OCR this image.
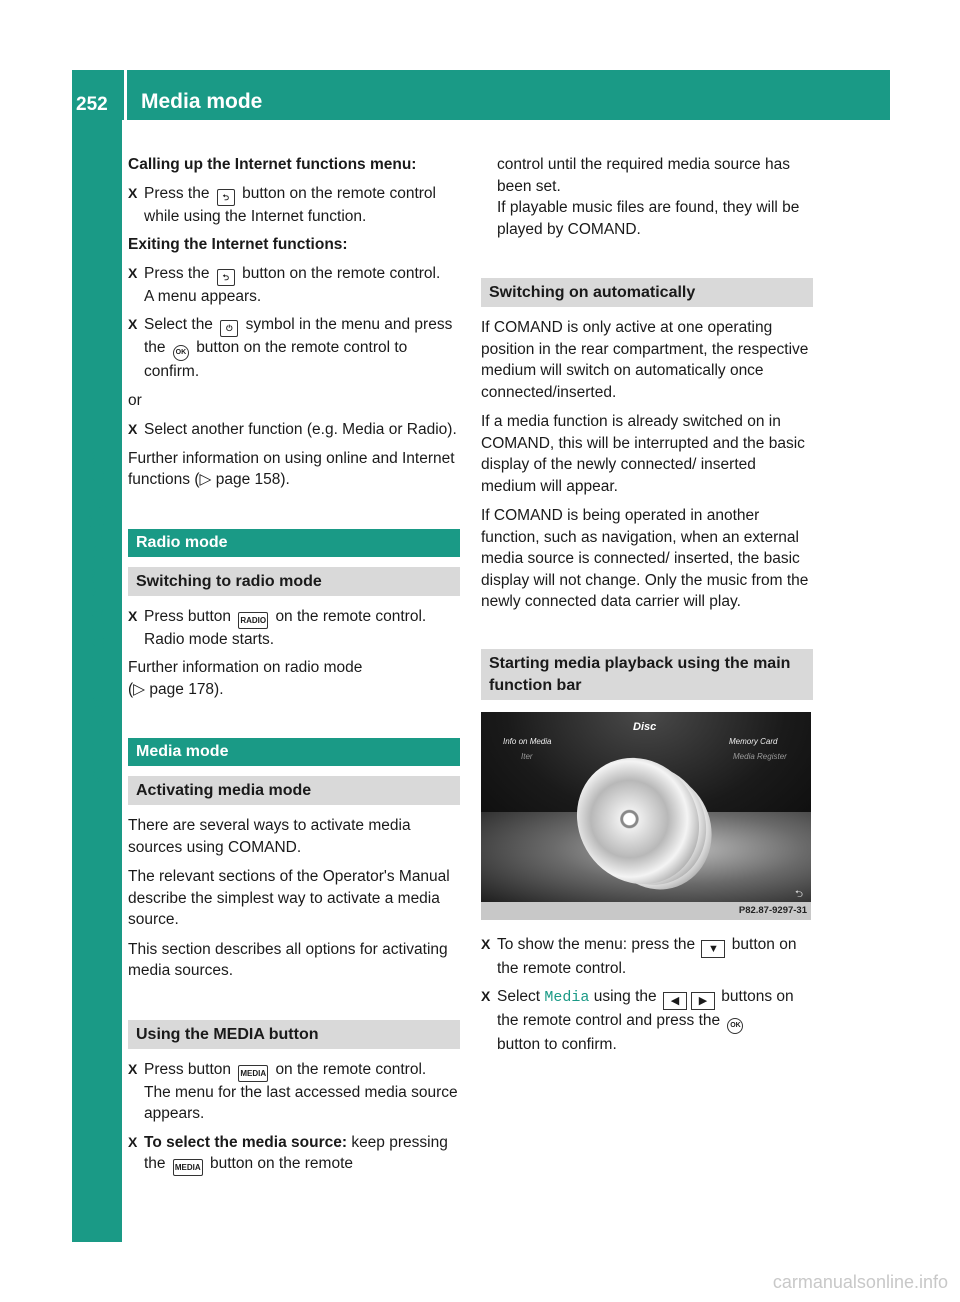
252 Media mode
Rear Seat Entertainment System

Calling up the Internet functions menu:

X Press the ⮌ button on the remote control while using the Internet function.

Exiting the Internet functions:

X Press the ⮌ button on the remote control.
A menu appears.
X Select the ⏻ symbol in the menu and press the OK button on the remote control to confirm.

or

X Select another function (e.g. Media or Radio).

Further information on using online and Internet functions (▷ page 158).

Radio mode
Switching to radio mode
X Press button RADIO on the remote control.
Radio mode starts.

Further information on radio mode
(▷ page 178).

Media mode
Activating media mode

There are several ways to activate media sources using COMAND.

The relevant sections of the Operator's Manual describe the simplest way to activate a media source.

This section describes all options for activating media sources.

Using the MEDIA button
X Press button MEDIA on the remote control.
The menu for the last accessed media source appears.
X To select the media source: keep pressing the MEDIA button on the remote

control until the required media source has been set.

If playable music files are found, they will be played by COMAND.

Switching on automatically

If COMAND is only active at one operating position in the rear compartment, the respective medium will switch on automatically once connected/inserted.

If a media function is already switched on in COMAND, this will be interrupted and the basic display of the newly connected/ inserted medium will appear.

If COMAND is being operated in another function, such as navigation, when an external media source is connected/ inserted, the basic display will not change. Only the music from the newly connected data carrier will play.

Starting media playback using the main function bar
Disc
Info on Media
Iter
Memory Card
Media Register
⮌
P82.87-9297-31
X To show the menu: press the ▼ button on the remote control.
X Select Media using the ◀ ▶ buttons on the remote control and press the OK
button to confirm.
carmanualsonline.info
